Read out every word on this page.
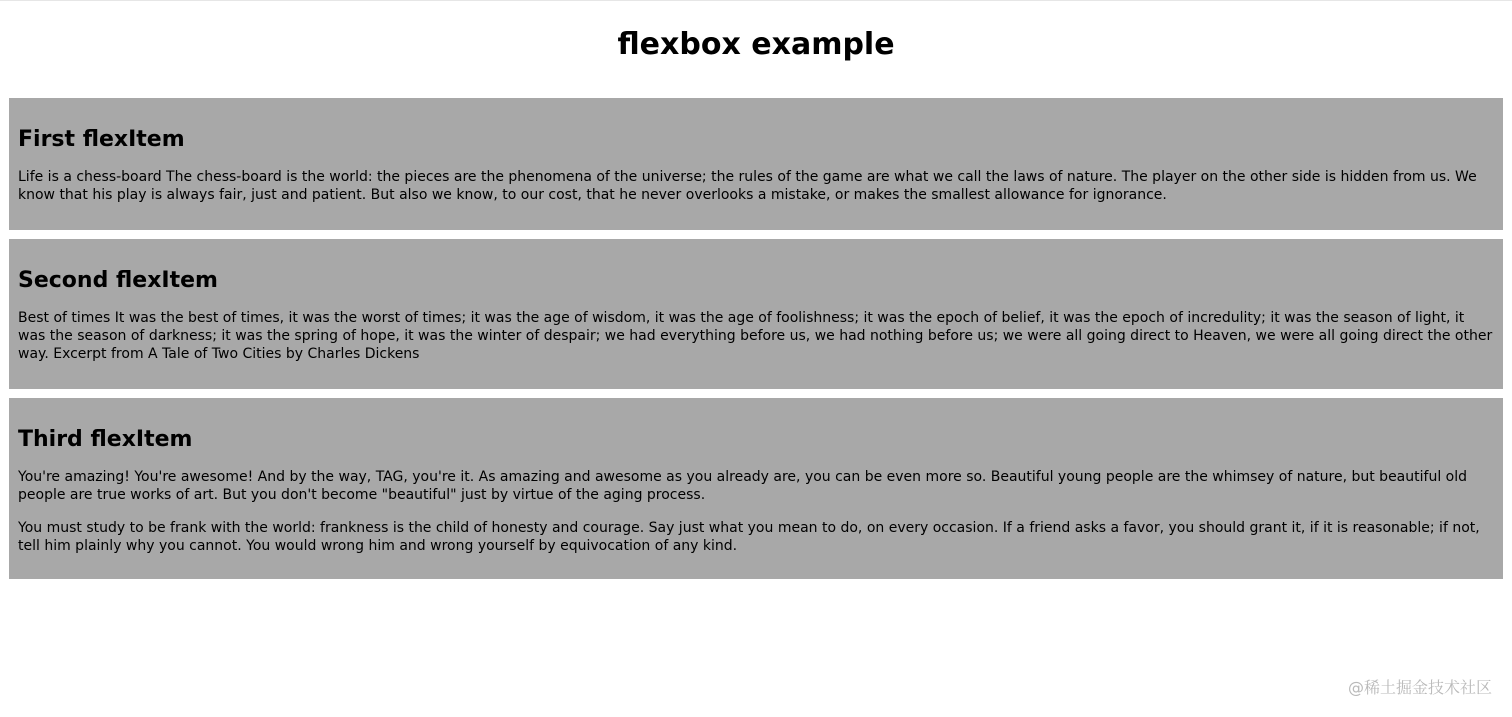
flexbox example
First flexItem

Life is a chess-board The chess-board is the world: the pieces are the phenomena of the universe; the rules of the game are what we call the laws of nature. The player on the other side is hidden from us. We know that his play is always fair, just and patient. But also we know, to our cost, that he never overlooks a mistake, or makes the smallest allowance for ignorance.

Second flexItem

Best of times It was the best of times, it was the worst of times; it was the age of wisdom, it was the age of foolishness; it was the epoch of belief, it was the epoch of incredulity; it was the season of light, it was the season of darkness; it was the spring of hope, it was the winter of despair; we had everything before us, we had nothing before us; we were all going direct to Heaven, we were all going direct the other way. Excerpt from A Tale of Two Cities by Charles Dickens

Third flexItem

You're amazing! You're awesome! And by the way, TAG, you're it. As amazing and awesome as you already are, you can be even more so. Beautiful young people are the whimsey of nature, but beautiful old people are true works of art. But you don't become "beautiful" just by virtue of the aging process.

You must study to be frank with the world: frankness is the child of honesty and courage. Say just what you mean to do, on every occasion. If a friend asks a favor, you should grant it, if it is reasonable; if not, tell him plainly why you cannot. You would wrong him and wrong yourself by equivocation of any kind.

@稀土掘金技术社区
